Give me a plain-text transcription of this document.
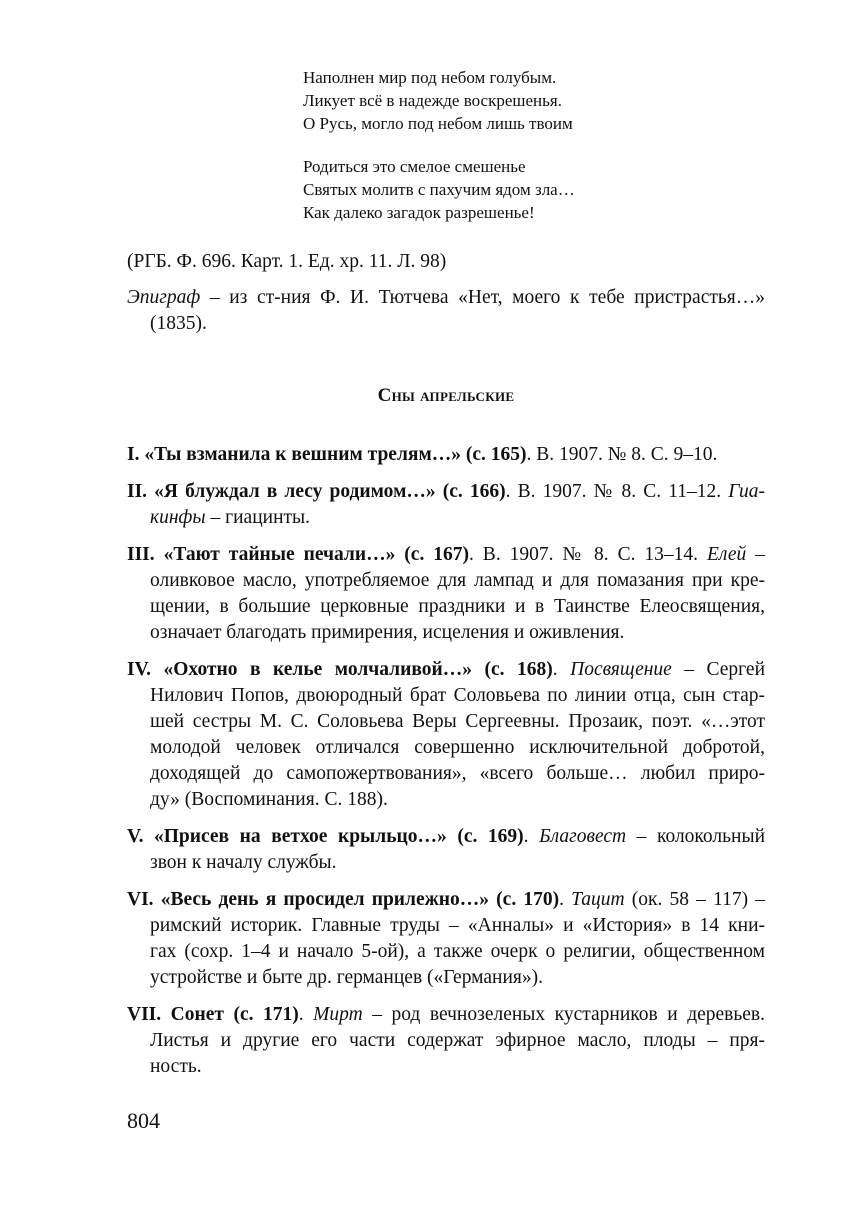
Наполнен мир под небом голубым.
Ликует всё в надежде воскрешенья.
О Русь, могло под небом лишь твоим
Родиться это смелое смешенье
Святых молитв с пахучим ядом зла…
Как далеко загадок разрешенье!
(РГБ. Ф. 696. Карт. 1. Ед. хр. 11. Л. 98)
Эпиграф – из ст-ния Ф. И. Тютчева «Нет, моего к тебе пристрастья…»
(1835).
Сны апрельские
I. «Ты взманила к вешним трелям…» (с. 165). В. 1907. № 8. С. 9–10.
II. «Я блуждал в лесу родимом…» (с. 166). В. 1907. № 8. С. 11–12. Гиа-
кинфы – гиацинты.
III. «Тают тайные печали…» (с. 167). В. 1907. № 8. С. 13–14. Елей –
оливковое масло, употребляемое для лампад и для помазания при кре-
щении, в большие церковные праздники и в Таинстве Елеосвящения,
означает благодать примирения, исцеления и оживления.
IV. «Охотно в келье молчаливой…» (с. 168). Посвящение – Сергей
Нилович Попов, двоюродный брат Соловьева по линии отца, сын стар-
шей сестры М. С. Соловьева Веры Сергеевны. Прозаик, поэт. «…этот
молодой человек отличался совершенно исключительной добротой,
доходящей до самопожертвования», «всего больше… любил приро-
ду» (Воспоминания. С. 188).
V. «Присев на ветхое крыльцо…» (с. 169). Благовест – колокольный
звон к началу службы.
VI. «Весь день я просидел прилежно…» (с. 170). Тацит (ок. 58 – 117) –
римский историк. Главные труды – «Анналы» и «История» в 14 кни-
гах (сохр. 1–4 и начало 5-ой), а также очерк о религии, общественном
устройстве и быте др. германцев («Германия»).
VII. Сонет (с. 171). Мирт – род вечнозеленых кустарников и деревьев.
Листья и другие его части содержат эфирное масло, плоды – пря-
ность.
804
